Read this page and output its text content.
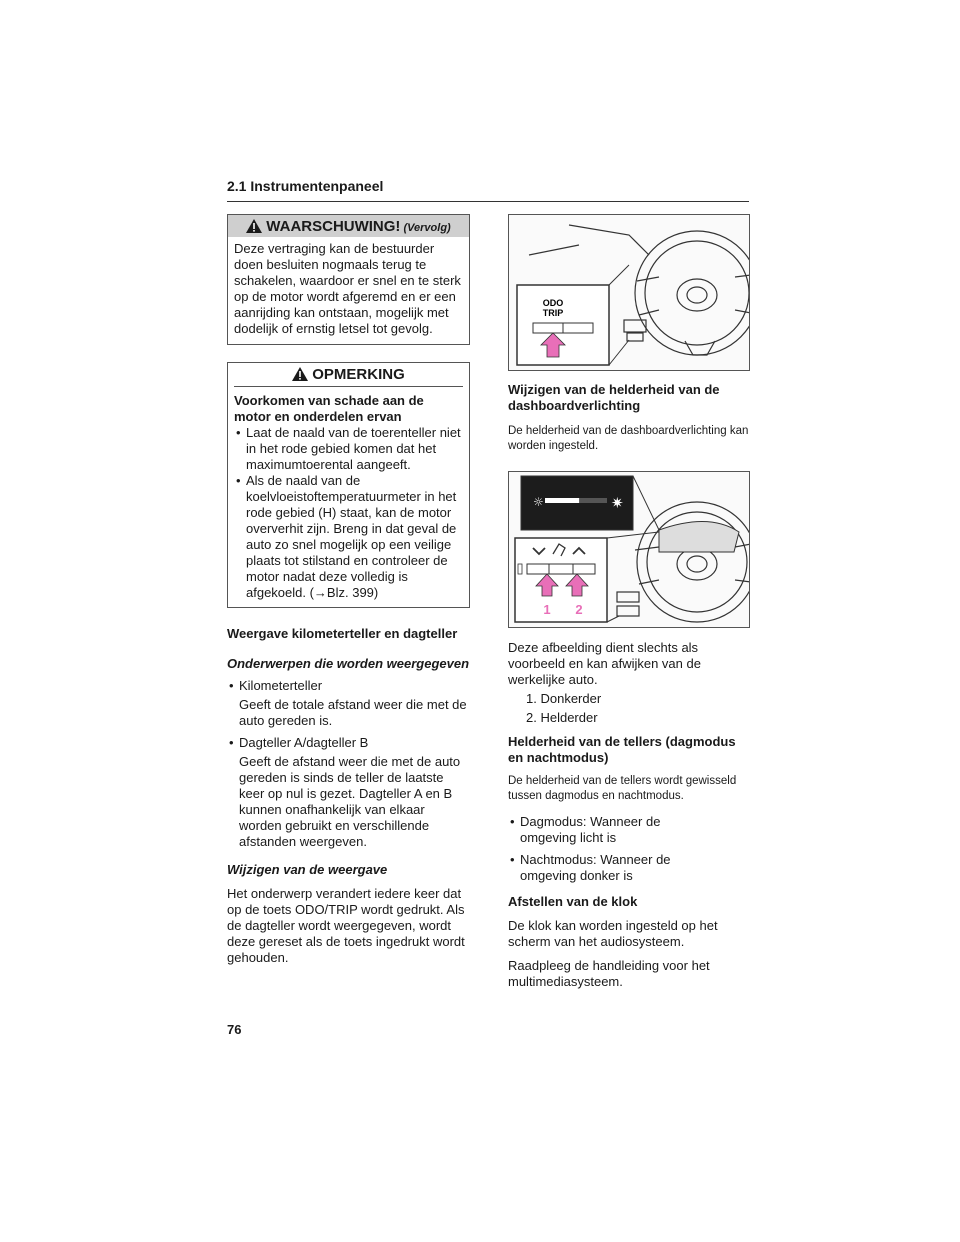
2.1 Instrumentenpaneel
WAARSCHUWING! (Vervolg)
Deze vertraging kan de bestuurder doen besluiten nogmaals terug te schakelen, waardoor er snel en te sterk op de motor wordt afgeremd en er een aanrijding kan ontstaan, mogelijk met dodelijk of ernstig letsel tot gevolg.
OPMERKING
Voorkomen van schade aan de motor en onderdelen ervan
• Laat de naald van de toerenteller niet in het rode gebied komen dat het maximumtoerental aangeeft.
• Als de naald van de koelvloeistoftemperatuurmeter in het rode gebied (H) staat, kan de motor oververhit zijn. Breng in dat geval de auto zo snel mogelijk op een veilige plaats tot stilstand en controleer de motor nadat deze volledig is afgekoeld. (→Blz. 399)
Weergave kilometerteller en dagteller
Onderwerpen die worden weergegeven
• Kilometerteller

Geeft de totale afstand weer die met de auto gereden is.

• Dagteller A/dagteller B

Geeft de afstand weer die met de auto gereden is sinds de teller de laatste keer op nul is gezet. Dagteller A en B kunnen onafhankelijk van elkaar worden gebruikt en verschillende afstanden weergeven.

Wijzigen van de weergave

Het onderwerp verandert iedere keer dat op de toets ODO/TRIP wordt gedrukt. Als de dagteller wordt weergegeven, wordt deze gereset als de toets ingedrukt wordt gehouden.

ODO
TRIP
Wijzigen van de helderheid van de dashboardverlichting

De helderheid van de dashboardverlichting kan worden ingesteld.

☼	✷
1 2

Deze afbeelding dient slechts als voorbeeld en kan afwijken van de werkelijke auto.

1. Donkerder
2. Helderder
Helderheid van de tellers (dagmodus en nachtmodus)

De helderheid van de tellers wordt gewisseld tussen dagmodus en nachtmodus.

• Dagmodus: Wanneer de omgeving licht is
• Nachtmodus: Wanneer de omgeving donker is
Afstellen van de klok

De klok kan worden ingesteld op het scherm van het audiosysteem.

Raadpleeg de handleiding voor het multimediasysteem.

76
